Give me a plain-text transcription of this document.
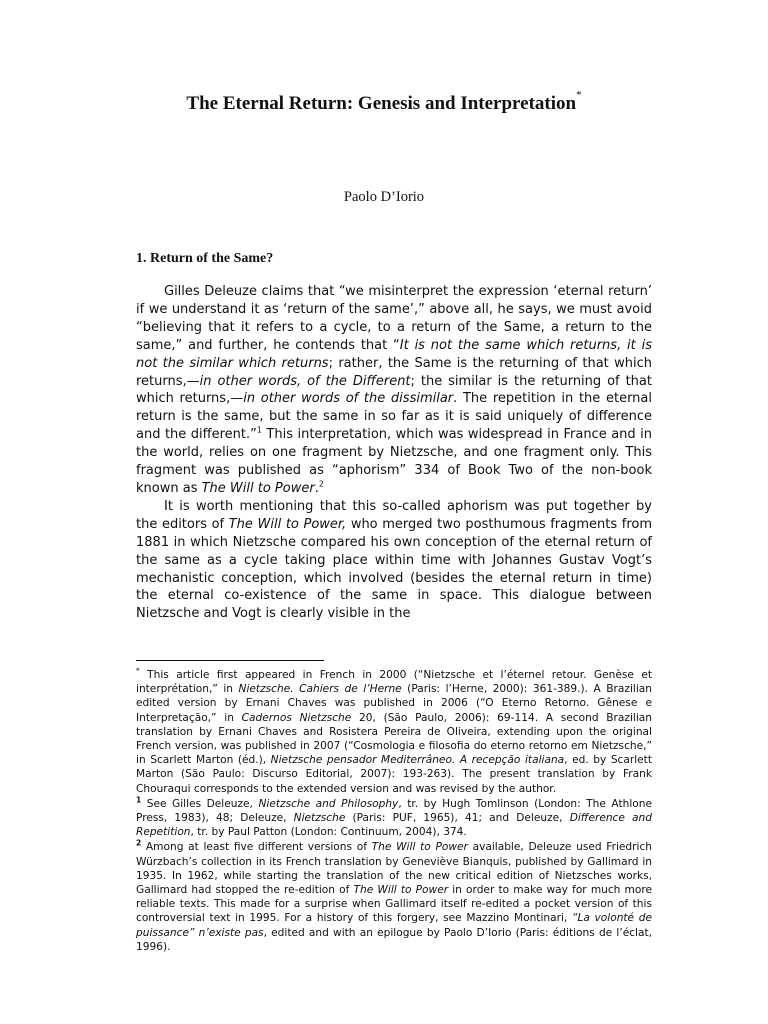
The Eternal Return: Genesis and Interpretation*
Paolo D’Iorio
1. Return of the Same?

Gilles Deleuze claims that “we misinterpret the expression ‘eternal return’ if we understand it as ‘return of the same’,” above all, he says, we must avoid “believing that it refers to a cycle, to a return of the Same, a return to the same,” and further, he contends that “It is not the same which returns, it is not the similar which returns; rather, the Same is the returning of that which returns,—in other words, of the Different; the similar is the returning of that which returns,—in other words of the dissimilar. The repetition in the eternal return is the same, but the same in so far as it is said uniquely of difference and the different.”$^1$ This interpretation, which was widespread in France and in the world, relies on one fragment by Nietzsche, and one fragment only. This fragment was published as “aphorism” 334 of Book Two of the non-book known as The Will to Power.$^2$

It is worth mentioning that this so-called aphorism was put together by the editors of The Will to Power, who merged two posthumous fragments from 1881 in which Nietzsche compared his own conception of the eternal return of the same as a cycle taking place within time with Johannes Gustav Vogt’s mechanistic conception, which involved (besides the eternal return in time) the eternal co-existence of the same in space. This dialogue between Nietzsche and Vogt is clearly visible in the

* This article first appeared in French in 2000 (“Nietzsche et l’éternel retour. Genèse et interprétation,” in Nietzsche. Cahiers de l’Herne (Paris: l’Herne, 2000): 361-389.). A Brazilian edited version by Ernani Chaves was published in 2006 (“O Eterno Retorno. Gênese e Interpretação,” in Cadernos Nietzsche 20, (São Paulo, 2006): 69-114. A second Brazilian translation by Ernani Chaves and Rosistera Pereira de Oliveira, extending upon the original French version, was published in 2007 (“Cosmologia e filosofia do eterno retorno em Nietzsche,” in Scarlett Marton (éd.), Nietzsche pensador Mediterrâneo. A recepção italiana, ed. by Scarlett Marton (São Paulo: Discurso Editorial, 2007): 193-263). The present translation by Frank Chouraqui corresponds to the extended version and was revised by the author.

$^1$ See Gilles Deleuze, Nietzsche and Philosophy, tr. by Hugh Tomlinson (London: The Athlone Press, 1983), 48; Deleuze, Nietzsche (Paris: PUF, 1965), 41; and Deleuze, Difference and Repetition, tr. by Paul Patton (London: Continuum, 2004), 374.

$^2$ Among at least five different versions of The Will to Power available, Deleuze used Friedrich Würzbach’s collection in its French translation by Geneviève Bianquis, published by Gallimard in 1935. In 1962, while starting the translation of the new critical edition of Nietzsches works, Gallimard had stopped the re-edition of The Will to Power in order to make way for much more reliable texts. This made for a surprise when Gallimard itself re-edited a pocket version of this controversial text in 1995. For a history of this forgery, see Mazzino Montinari, “La volonté de puissance” n’existe pas, edited and with an epilogue by Paolo D’Iorio (Paris: éditions de l’éclat, 1996).
